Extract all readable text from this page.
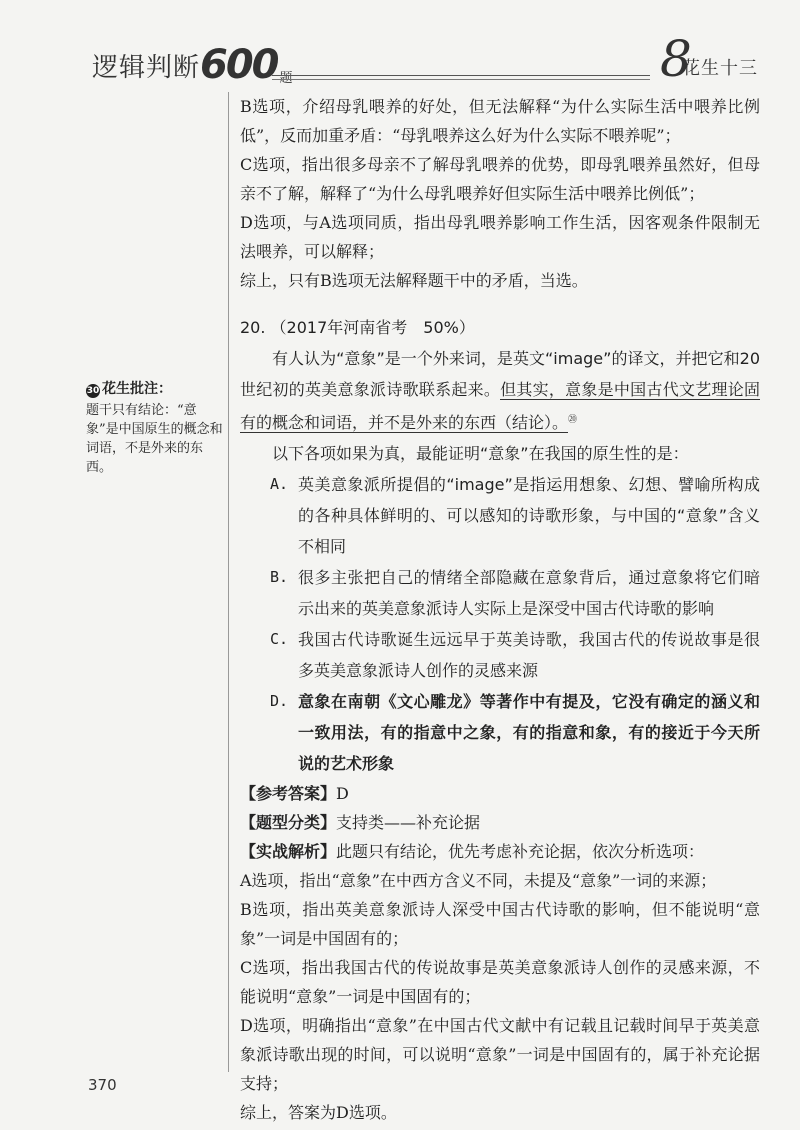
逻辑判断600 $_题$	8
花生十三
30 花生批注：
题干只有结论：“意象”是中国原生的概念和词语，不是外来的东西。

B选项，介绍母乳喂养的好处，但无法解释“为什么实际生活中喂养比例低”，反而加重矛盾：“母乳喂养这么好为什么实际不喂养呢”；

C选项，指出很多母亲不了解母乳喂养的优势，即母乳喂养虽然好，但母亲不了解，解释了“为什么母乳喂养好但实际生活中喂养比例低”；

D选项，与A选项同质，指出母乳喂养影响工作生活，因客观条件限制无法喂养，可以解释；

综上，只有B选项无法解释题干中的矛盾，当选。

20. （2017年河南省考　50%）

有人认为“意象”是一个外来词，是英文“image”的译文，并把它和20世纪初的英美意象派诗歌联系起来。但其实，意象是中国古代文艺理论固有的概念和词语，并不是外来的东西（结论）。⑳

以下各项如果为真，最能证明“意象”在我国的原生性的是：

A. 英美意象派所提倡的“image”是指运用想象、幻想、譬喻所构成的各种具体鲜明的、可以感知的诗歌形象，与中国的“意象”含义不相同
B. 很多主张把自己的情绪全部隐藏在意象背后，通过意象将它们暗示出来的英美意象派诗人实际上是深受中国古代诗歌的影响
C. 我国古代诗歌诞生远远早于英美诗歌，我国古代的传说故事是很多英美意象派诗人创作的灵感来源
D. 意象在南朝《文心雕龙》等著作中有提及，它没有确定的涵义和一致用法，有的指意中之象，有的指意和象，有的接近于今天所说的艺术形象

【参考答案】D

【题型分类】支持类——补充论据

【实战解析】此题只有结论，优先考虑补充论据，依次分析选项：

A选项，指出“意象”在中西方含义不同，未提及“意象”一词的来源；

B选项，指出英美意象派诗人深受中国古代诗歌的影响，但不能说明“意象”一词是中国固有的；

C选项，指出我国古代的传说故事是英美意象派诗人创作的灵感来源，不能说明“意象”一词是中国固有的；

D选项，明确指出“意象”在中国古代文献中有记载且记载时间早于英美意象派诗歌出现的时间，可以说明“意象”一词是中国固有的，属于补充论据支持；

综上，答案为D选项。

370
